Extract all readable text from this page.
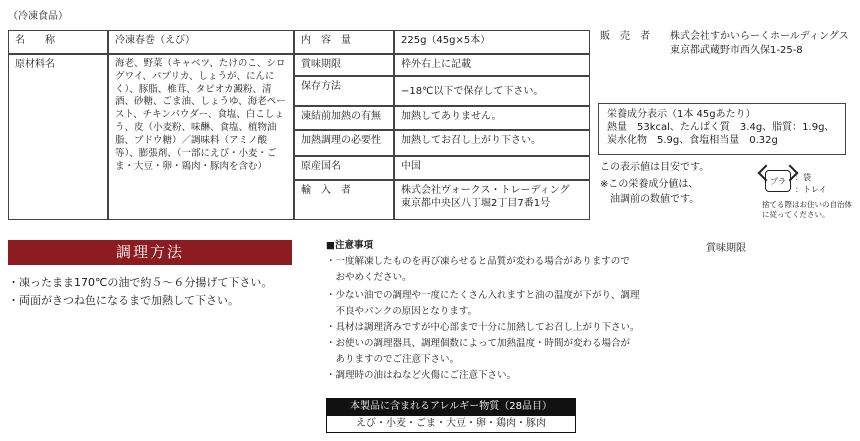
（冷凍食品）
名　　称	冷凍春巻（えび）
原材料名	海老、野菜（キャベツ、たけのこ、シログワイ、パプリカ、しょうが、にんにく）、豚脂、椎茸、タピオカ澱粉、清酒、砂糖、ごま油、しょうゆ、海老ペースト、チキンパウダー、食塩、白こしょう、皮（小麦粉、味醂、食塩、植物油脂、ブドウ糖）／調味料（アミノ酸等）、膨張剤、（一部にえび・小麦・ごま・大豆・卵・鶏肉・豚肉を含む）
内　容　量	225g（45g×5本）
賞味期限	枠外右上に記載
保存方法	−18℃以下で保存して下さい。
凍結前加熱の有無	加熱してありません。
加熱調理の必要性	加熱してお召し上がり下さい。
原産国名	中国
輸　入　者	株式会社ヴォークス・トレーディング
東京都中央区八丁堀2丁目7番1号
販　売　者 株式会社すかいらーくホールディングス
東京都武蔵野市西久保1-25-8
栄養成分表示（1本 45gあたり）
熱量　53kcal、たんぱく質　3.4g、脂質：1.9g、
炭水化物　5.9g、食塩相当量　0.32g
この表示値は目安です。
※この栄養成分値は、
　油調前の数値です。
プラ ：袋
：トレイ
捨てる際はお住いの自治体に従ってください。
調理方法
・凍ったまま170℃の油で約５～６分揚げて下さい。
・両面がきつね色になるまで加熱して下さい。
■注意事項
・一度解凍したものを再び凍らせると品質が変わる場合がありますので
　おやめください。
・少ない油での調理や一度にたくさん入れますと油の温度が下がり、調理
　不良やパンクの原因となります。
・具材は調理済みですが中心部まで十分に加熱してお召し上がり下さい。
・お使いの調理器具、調理個数によって加熱温度・時間が変わる場合が
　ありますのでご注意下さい。
・調理時の油はねなど火傷にご注意下さい。
賞味期限
本製品に含まれるアレルギー物質（28品目）
えび・小麦・ごま・大豆・卵・鶏肉・豚肉
